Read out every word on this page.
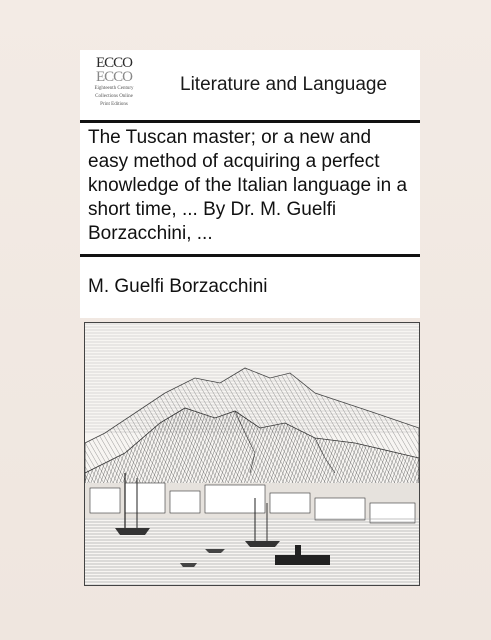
ECCO
ECCO
Eighteenth Century
Collections Online
Print Editions
Literature and Language
The Tuscan master; or a new and easy method of acquiring a perfect knowledge of the Italian language in a short time, ... By Dr. M. Guelfi Borzacchini, ...
M. Guelfi Borzacchini
